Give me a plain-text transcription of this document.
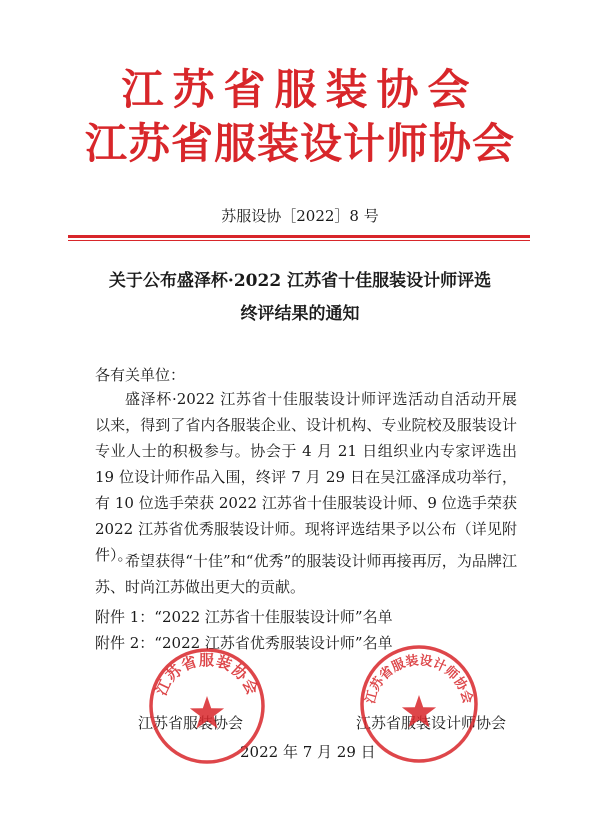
江苏省服装协会
江苏省服装设计师协会
苏服设协［2022］8 号
关于公布盛泽杯·2022 江苏省十佳服装设计师评选
终评结果的通知
各有关单位：
盛泽杯·2022 江苏省十佳服装设计师评选活动自活动开展以来，得到了省内各服装企业、设计机构、专业院校及服装设计专业人士的积极参与。协会于 4 月 21 日组织业内专家评选出 19 位设计师作品入围，终评 7 月 29 日在吴江盛泽成功举行，有 10 位选手荣获 2022 江苏省十佳服装设计师、9 位选手荣获 2022 江苏省优秀服装设计师。现将评选结果予以公布（详见附件）。
希望获得“十佳”和“优秀”的服装设计师再接再厉，为品牌江苏、时尚江苏做出更大的贡献。
附件 1：“2022 江苏省十佳服装设计师”名单
附件 2：“2022 江苏省优秀服装设计师”名单
江苏省服装协会	江苏省服装设计师协会
2022 年 7 月 29 日
江苏省服装协会	江苏省服装设计师协会
